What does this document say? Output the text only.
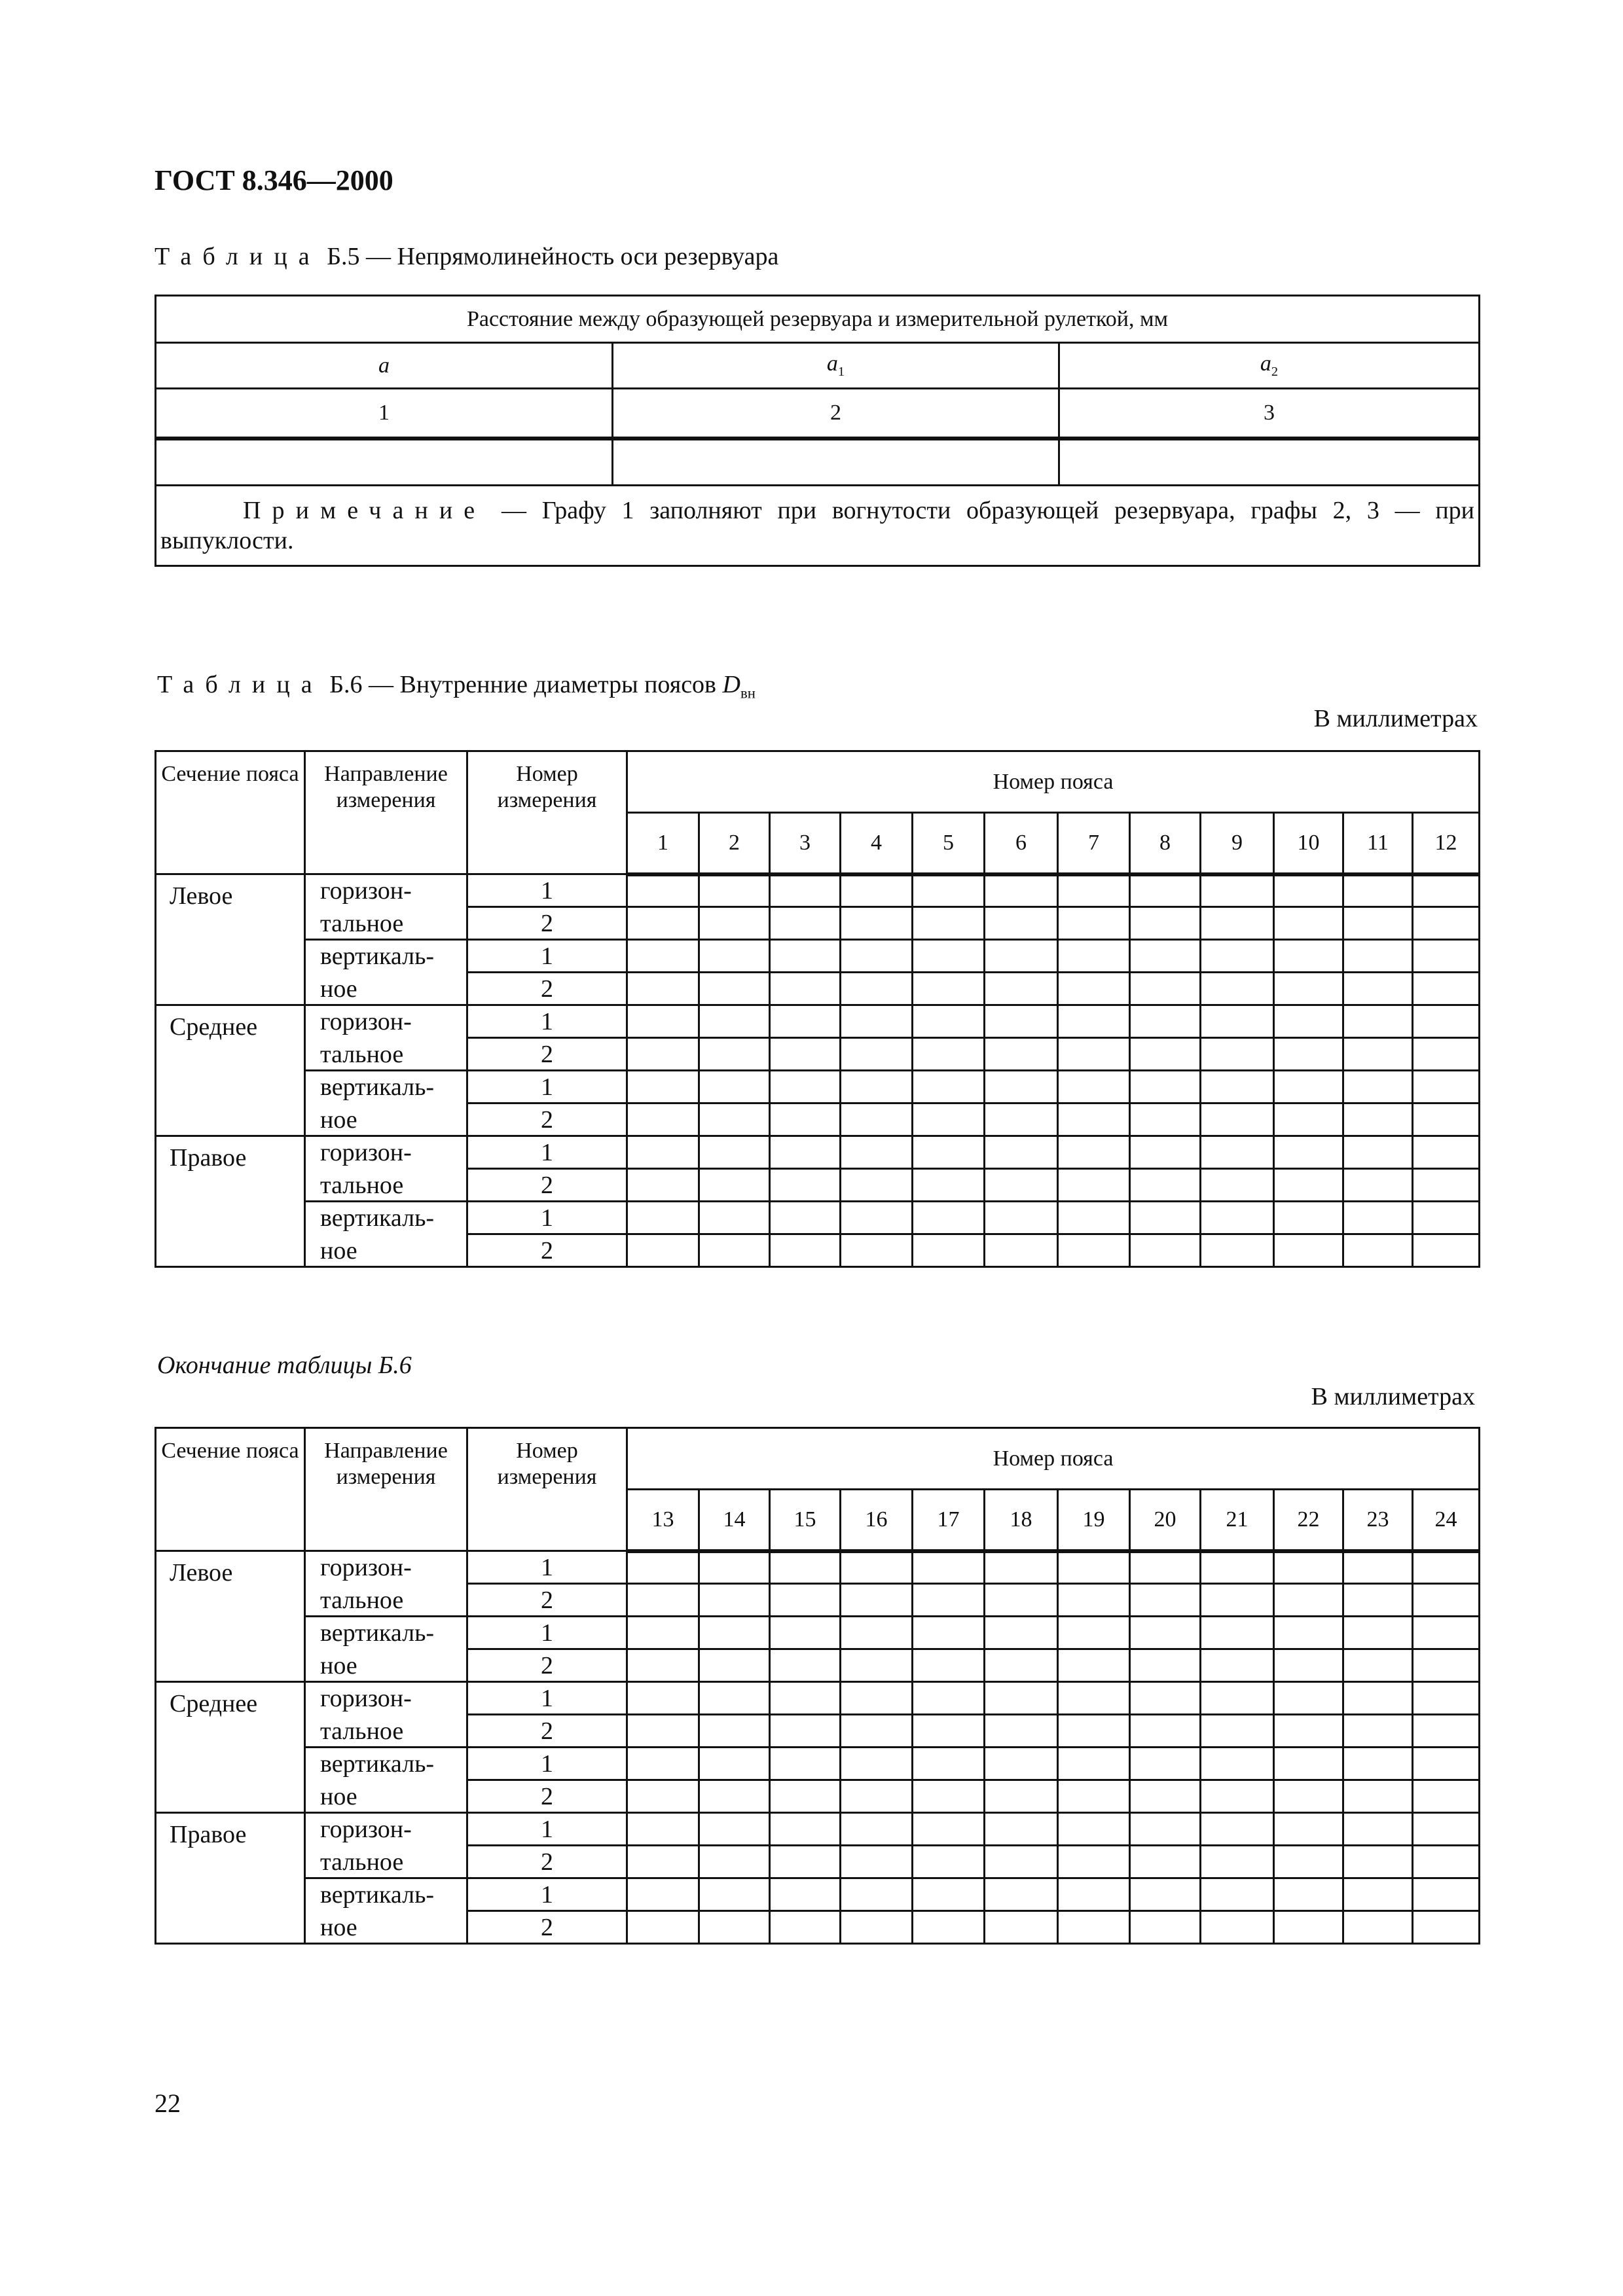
ГОСТ 8.346—2000

Таблица Б.5 — Непрямолинейность оси резервуара

Расстояние между образующей резервуара и измерительной рулеткой, мм		
a	$a_1$	$a_2$
1	2	3

Примечание — Графу 1 заполняют при вогнутости образующей резервуара, графы 2, 3 — при выпуклости.		

Таблица Б.6 — Внутренние диаметры поясов $D_{вн}$

В миллиметрах
Сечение пояса	Направление измерения	Номер измерения	Номер пояса											
			1	2	3	4	5	6	7	8	9	10	11	12
Левое	горизон-	1												
	тальное	2												
	вертикаль-	1												
	ное	2												
Среднее	горизон-	1												
	тальное	2												
	вертикаль-	1												
	ное	2												
Правое	горизон-	1												
	тальное	2												
	вертикаль-	1												
	ное	2												

Окончание таблицы Б.6

В миллиметрах
Сечение пояса	Направление измерения	Номер измерения	Номер пояса											
			13	14	15	16	17	18	19	20	21	22	23	24
Левое	горизон-	1												
	тальное	2												
	вертикаль-	1												
	ное	2												
Среднее	горизон-	1												
	тальное	2												
	вертикаль-	1												
	ное	2												
Правое	горизон-	1												
	тальное	2												
	вертикаль-	1												
	ное	2												

22
